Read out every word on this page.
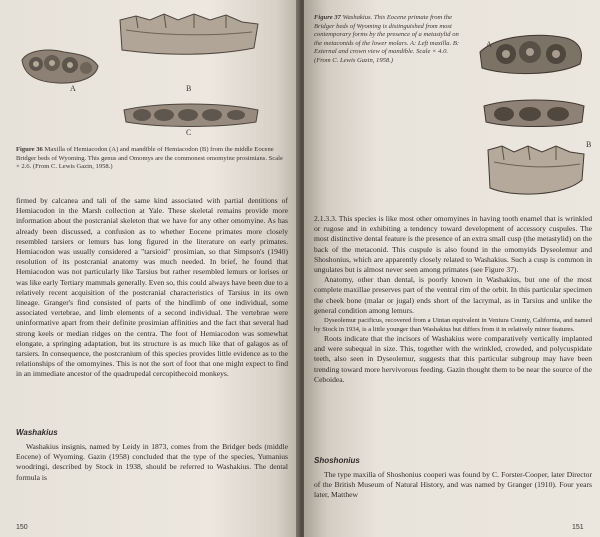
A	B
C
Figure 36 Maxilla of Hemiacodon (A) and mandible of Hemiacodon (B) from the middle Eocene Bridger beds of Wyoming. This genus and Omomys are the commonest omomyine prosimians. Scale × 2.6. (From C. Lewis Gazin, 1958.)

firmed by calcanea and tali of the same kind associated with partial dentitions of Hemiacodon in the Marsh collection at Yale. These skeletal remains provide more information about the postcranial skeleton that we have for any other omomyine. As has already been discussed, a confusion as to whether Eocene primates more closely resembled tarsiers or lemurs has long figured in the literature on early primates. Hemiacodon was usually considered a "tarsioid" prosimian, so that Simpson's (1940) resolution of its postcranial anatomy was much needed. In brief, he found that Hemiacodon was not particularly like Tarsius but rather resembled lemurs or lorises or was like early Tertiary mammals generally. Even so, this could always have been due to a relatively recent acquisition of the postcranial characteristics of Tarsius in its own lineage. Granger's find consisted of parts of the hindlimb of one individual, some associated vertebrae, and limb elements of a second individual. The vertebrae were uninformative apart from their definite prosimian affinities and the fact that several had strong keels or median ridges on the centra. The foot of Hemiacodon was somewhat elongate, a springing adaptation, but its structure is as much like that of galagos as of tarsiers. In consequence, the postcranium of this species provides little evidence as to the relationships of the omomyines. This is not the sort of foot that one might expect to find in an immediate ancestor of the quadrupedal cercopithecoid monkeys.

Washakius

Washakius insignis, named by Leidy in 1873, comes from the Bridger beds (middle Eocene) of Wyoming. Gazin (1958) concluded that the type of the species, Yumanius woodringi, described by Stock in 1938, should be referred to Washakius. The dental formula is

150
Figure 37 Washakius. This Eocene primate from the Bridger beds of Wyoming is distinguished from most contemporary forms by the presence of a metastylid on the metaconids of the lower molars. A: Left maxilla. B: External and crown view of mandible. Scale × 4.0. (From C. Lewis Gazin, 1958.)
A
B

2.1.3.3. This species is like most other omomyines in having tooth enamel that is wrinkled or rugose and in exhibiting a tendency toward development of accessory cuspules. The most distinctive dental feature is the presence of an extra small cusp (the metastylid) on the back of the metaconid. This cuspule is also found in the omomyids Dyseolemur and Shoshonius, which are apparently closely related to Washakius. Such a cusp is common in ungulates but is almost never seen among primates (see Figure 37).

Anatomy, other than dental, is poorly known in Washakius, but one of the most complete maxillae preserves part of the ventral rim of the orbit. In this particular specimen the cheek bone (malar or jugal) ends short of the lacrymal, as in Tarsius and unlike the general condition among lemurs.

Dyseolemur pacificus, recovered from a Uintan equivalent in Ventura County, California, and named by Stock in 1934, is a little younger than Washakius but differs from it in relatively minor features.

Roots indicate that the incisors of Washakius were comparatively vertically implanted and were subequal in size. This, together with the wrinkled, crowded, and polycuspidate teeth, also seen in Dyseolemur, suggests that this particular subgroup may have been trending toward more hervivorous feeding. Gazin thought them to be near the source of the Ceboidea.

Shoshonius

The type maxilla of Shoshonius cooperi was found by C. Forster-Cooper, later Director of the British Museum of Natural History, and was named by Granger (1910). Four years later, Matthew

151
